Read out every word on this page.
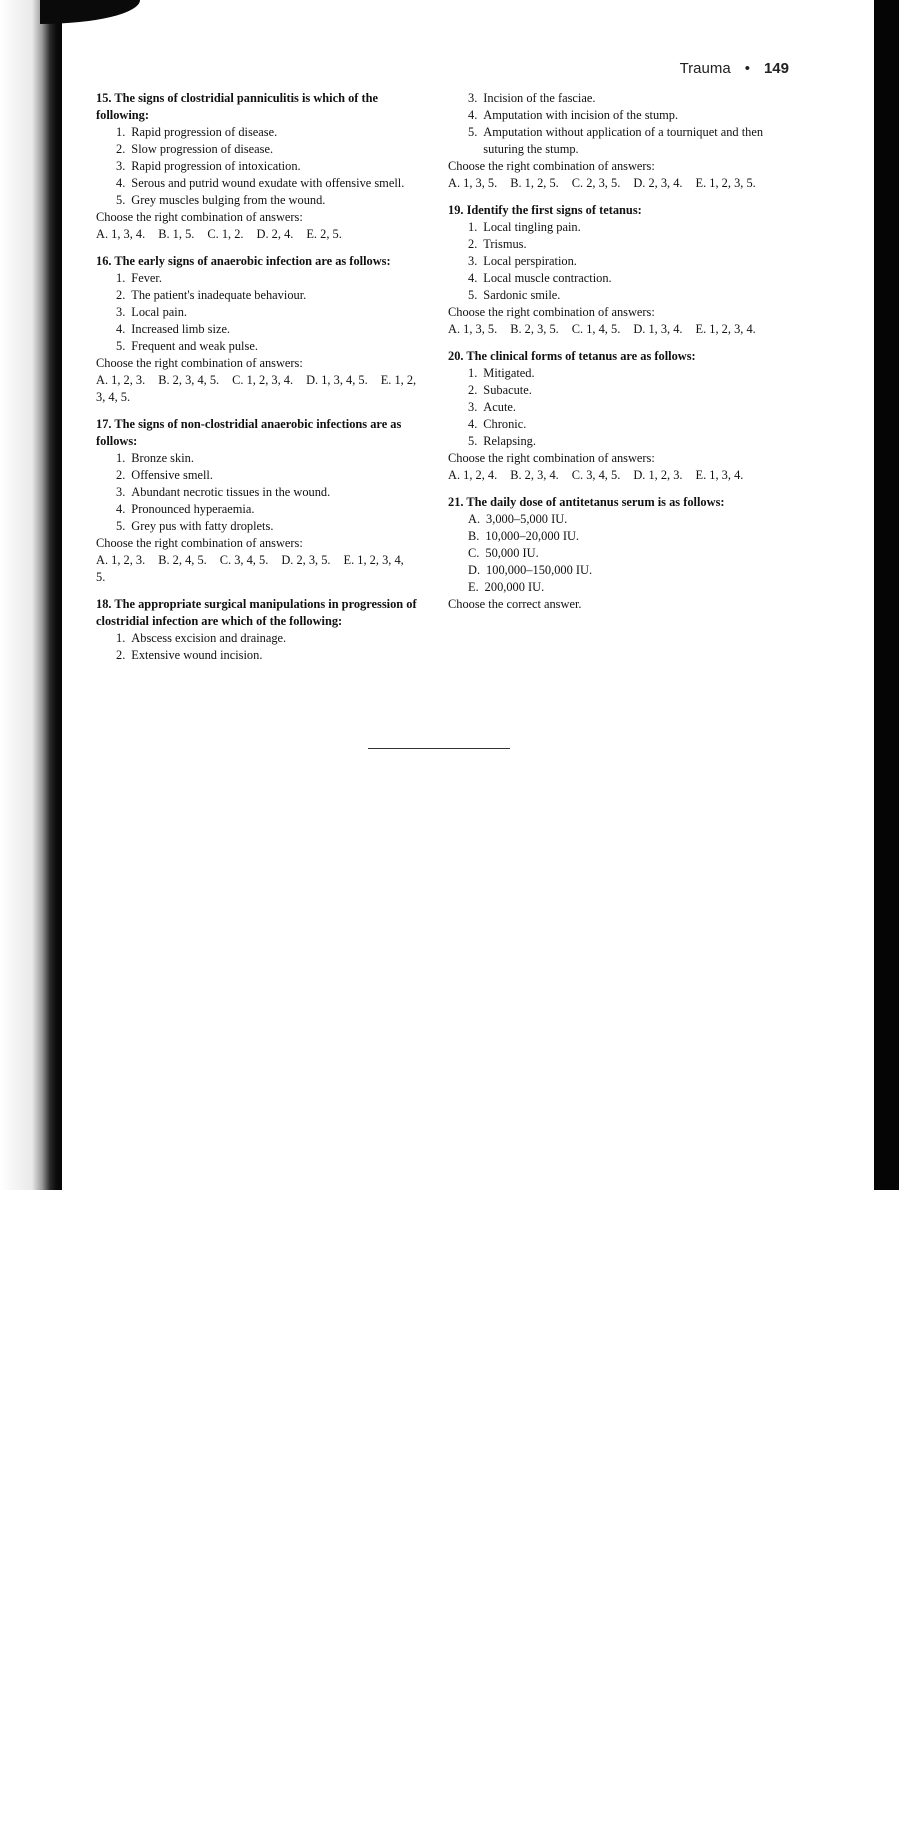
Trauma • 149

15. The signs of clostridial panniculitis is which of the following:

1. Rapid progression of disease.
2. Slow progression of disease.
3. Rapid progression of intoxication.
4. Serous and putrid wound exudate with offensive smell.
5. Grey muscles bulging from the wound.

Choose the right combination of answers:

A. 1, 3, 4. B. 1, 5. C. 1, 2. D. 2, 4. E. 2, 5.

16. The early signs of anaerobic infection are as follows:

1. Fever.
2. The patient's inadequate behaviour.
3. Local pain.
4. Increased limb size.
5. Frequent and weak pulse.

Choose the right combination of answers:

A. 1, 2, 3. B. 2, 3, 4, 5. C. 1, 2, 3, 4. D. 1, 3, 4, 5. E. 1, 2, 3, 4, 5.

17. The signs of non-clostridial anaerobic infections are as follows:

1. Bronze skin.
2. Offensive smell.
3. Abundant necrotic tissues in the wound.
4. Pronounced hyperaemia.
5. Grey pus with fatty droplets.

Choose the right combination of answers:

A. 1, 2, 3. B. 2, 4, 5. C. 3, 4, 5. D. 2, 3, 5. E. 1, 2, 3, 4, 5.

18. The appropriate surgical manipulations in progression of clostridial infection are which of the following:

1. Abscess excision and drainage.
2. Extensive wound incision.
3. Incision of the fasciae.
4. Amputation with incision of the stump.
5. Amputation without application of a tourniquet and then suturing the stump.

Choose the right combination of answers:

A. 1, 3, 5. B. 1, 2, 5. C. 2, 3, 5. D. 2, 3, 4. E. 1, 2, 3, 5.

19. Identify the first signs of tetanus:

1. Local tingling pain.
2. Trismus.
3. Local perspiration.
4. Local muscle contraction.
5. Sardonic smile.

Choose the right combination of answers:

A. 1, 3, 5. B. 2, 3, 5. C. 1, 4, 5. D. 1, 3, 4. E. 1, 2, 3, 4.

20. The clinical forms of tetanus are as follows:

1. Mitigated.
2. Subacute.
3. Acute.
4. Chronic.
5. Relapsing.

Choose the right combination of answers:

A. 1, 2, 4. B. 2, 3, 4. C. 3, 4, 5. D. 1, 2, 3. E. 1, 3, 4.

21. The daily dose of antitetanus serum is as follows:

A. 3,000–5,000 IU.
B. 10,000–20,000 IU.
C. 50,000 IU.
D. 100,000–150,000 IU.
E. 200,000 IU.

Choose the correct answer.
